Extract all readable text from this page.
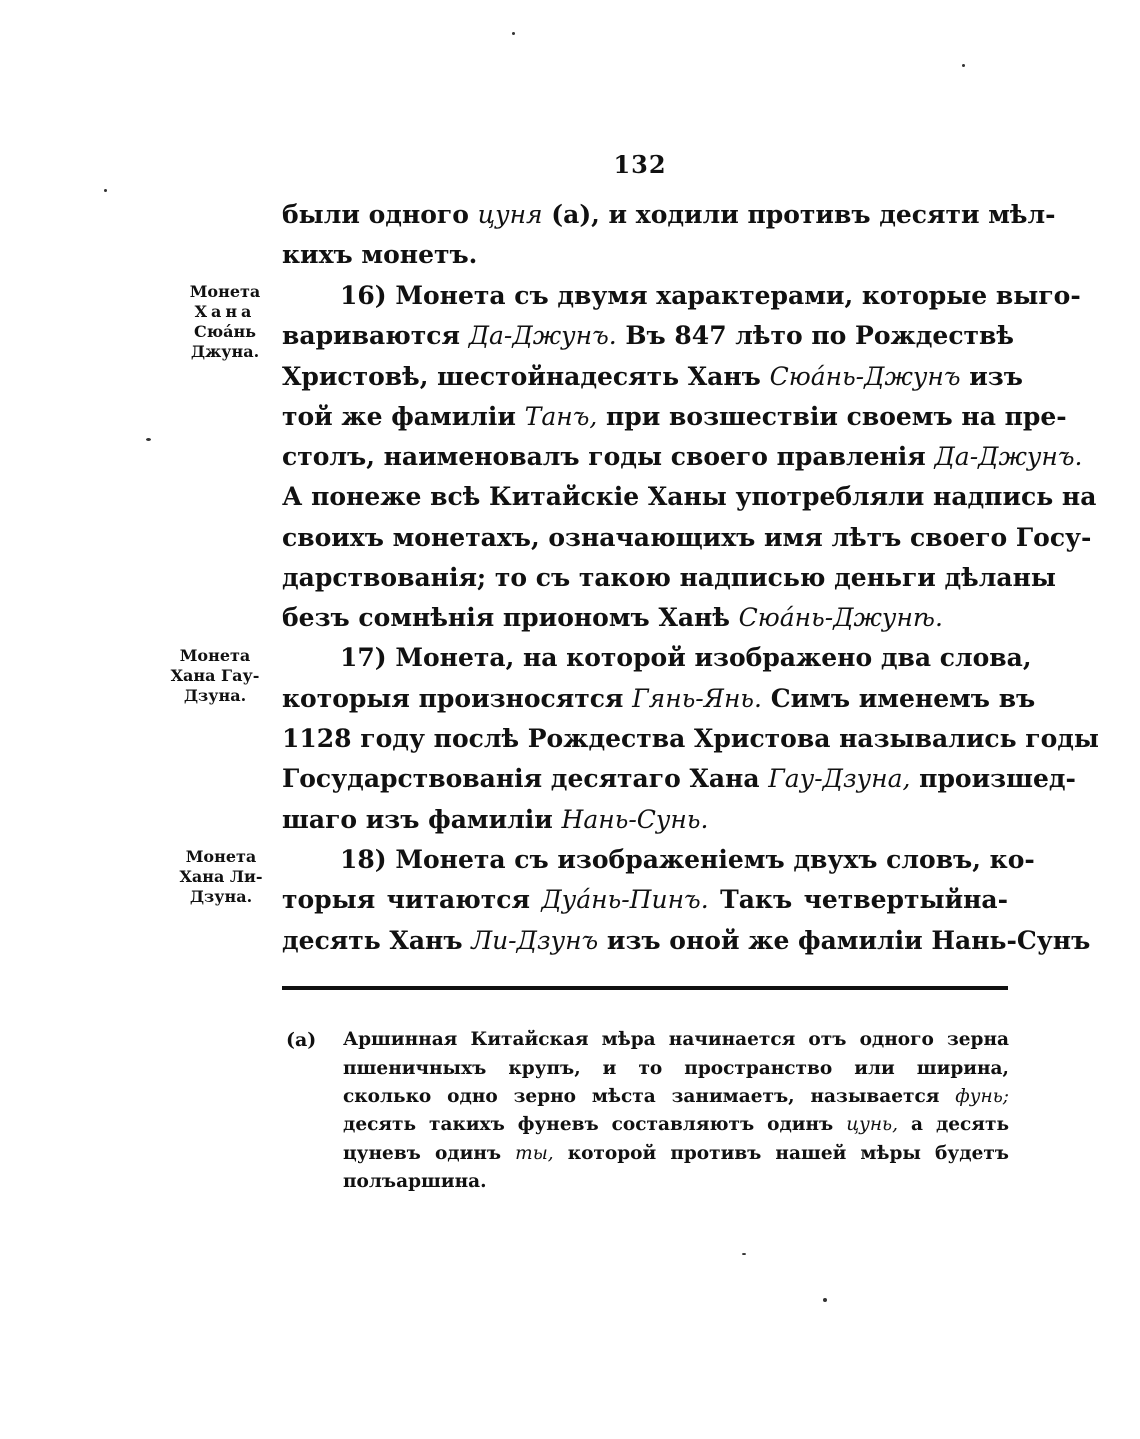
132
Монета
Хана
Сюáнь
Джуна.
Монета
Хана Гау-
Дзуна.
Монета
Хана Ли-
Дзуна.
были одного цуня (а), и ходили противъ десяти мѣл-
кихъ монетъ.
16) Монета съ двумя характерами, которые выго-
вариваются Да-Джунъ. Въ 847 лѣто по Рождествѣ
Христовѣ, шестойнадесять Ханъ Сюáнь-Джунъ изъ
той же фамиліи Танъ, при возшествіи своемъ на пре-
столъ, наименовалъ годы своего правленія Да-Джунъ.
А понеже всѣ Китайскіе Ханы употребляли надпись на
своихъ монетахъ, означающихъ имя лѣтъ своего Госу-
дарствованія; то съ такою надписью деньги дѣланы
безъ сомнѣнія приономъ Ханѣ Сюáнь-Джунѣ.
17) Монета, на которой изображено два слова,
которыя произносятся Гянь-Янь. Симъ именемъ въ
1128 году послѣ Рождества Христова назывались годы
Государствованія десятаго Хана Гау-Дзуна, произшед-
шаго изъ фамиліи Нань-Сунь.
18) Монета съ изображеніемъ двухъ словъ, ко-
торыя читаются Дуáнь-Пинъ. Такъ четвертыйна-
десять Ханъ Ли-Дзунъ изъ оной же фамиліи Нань-Сунъ
(а) Аршинная Китайская мѣра начинается отъ одного зерна
пшеничныхъ крупъ, и то пространство или ширина,
сколько одно зерно мѣста занимаетъ, называется фунь;
десять такихъ фуневъ составляютъ одинъ цунь, а десять
цуневъ одинъ ты, которой противъ нашей мѣры будетъ
полъаршина.
